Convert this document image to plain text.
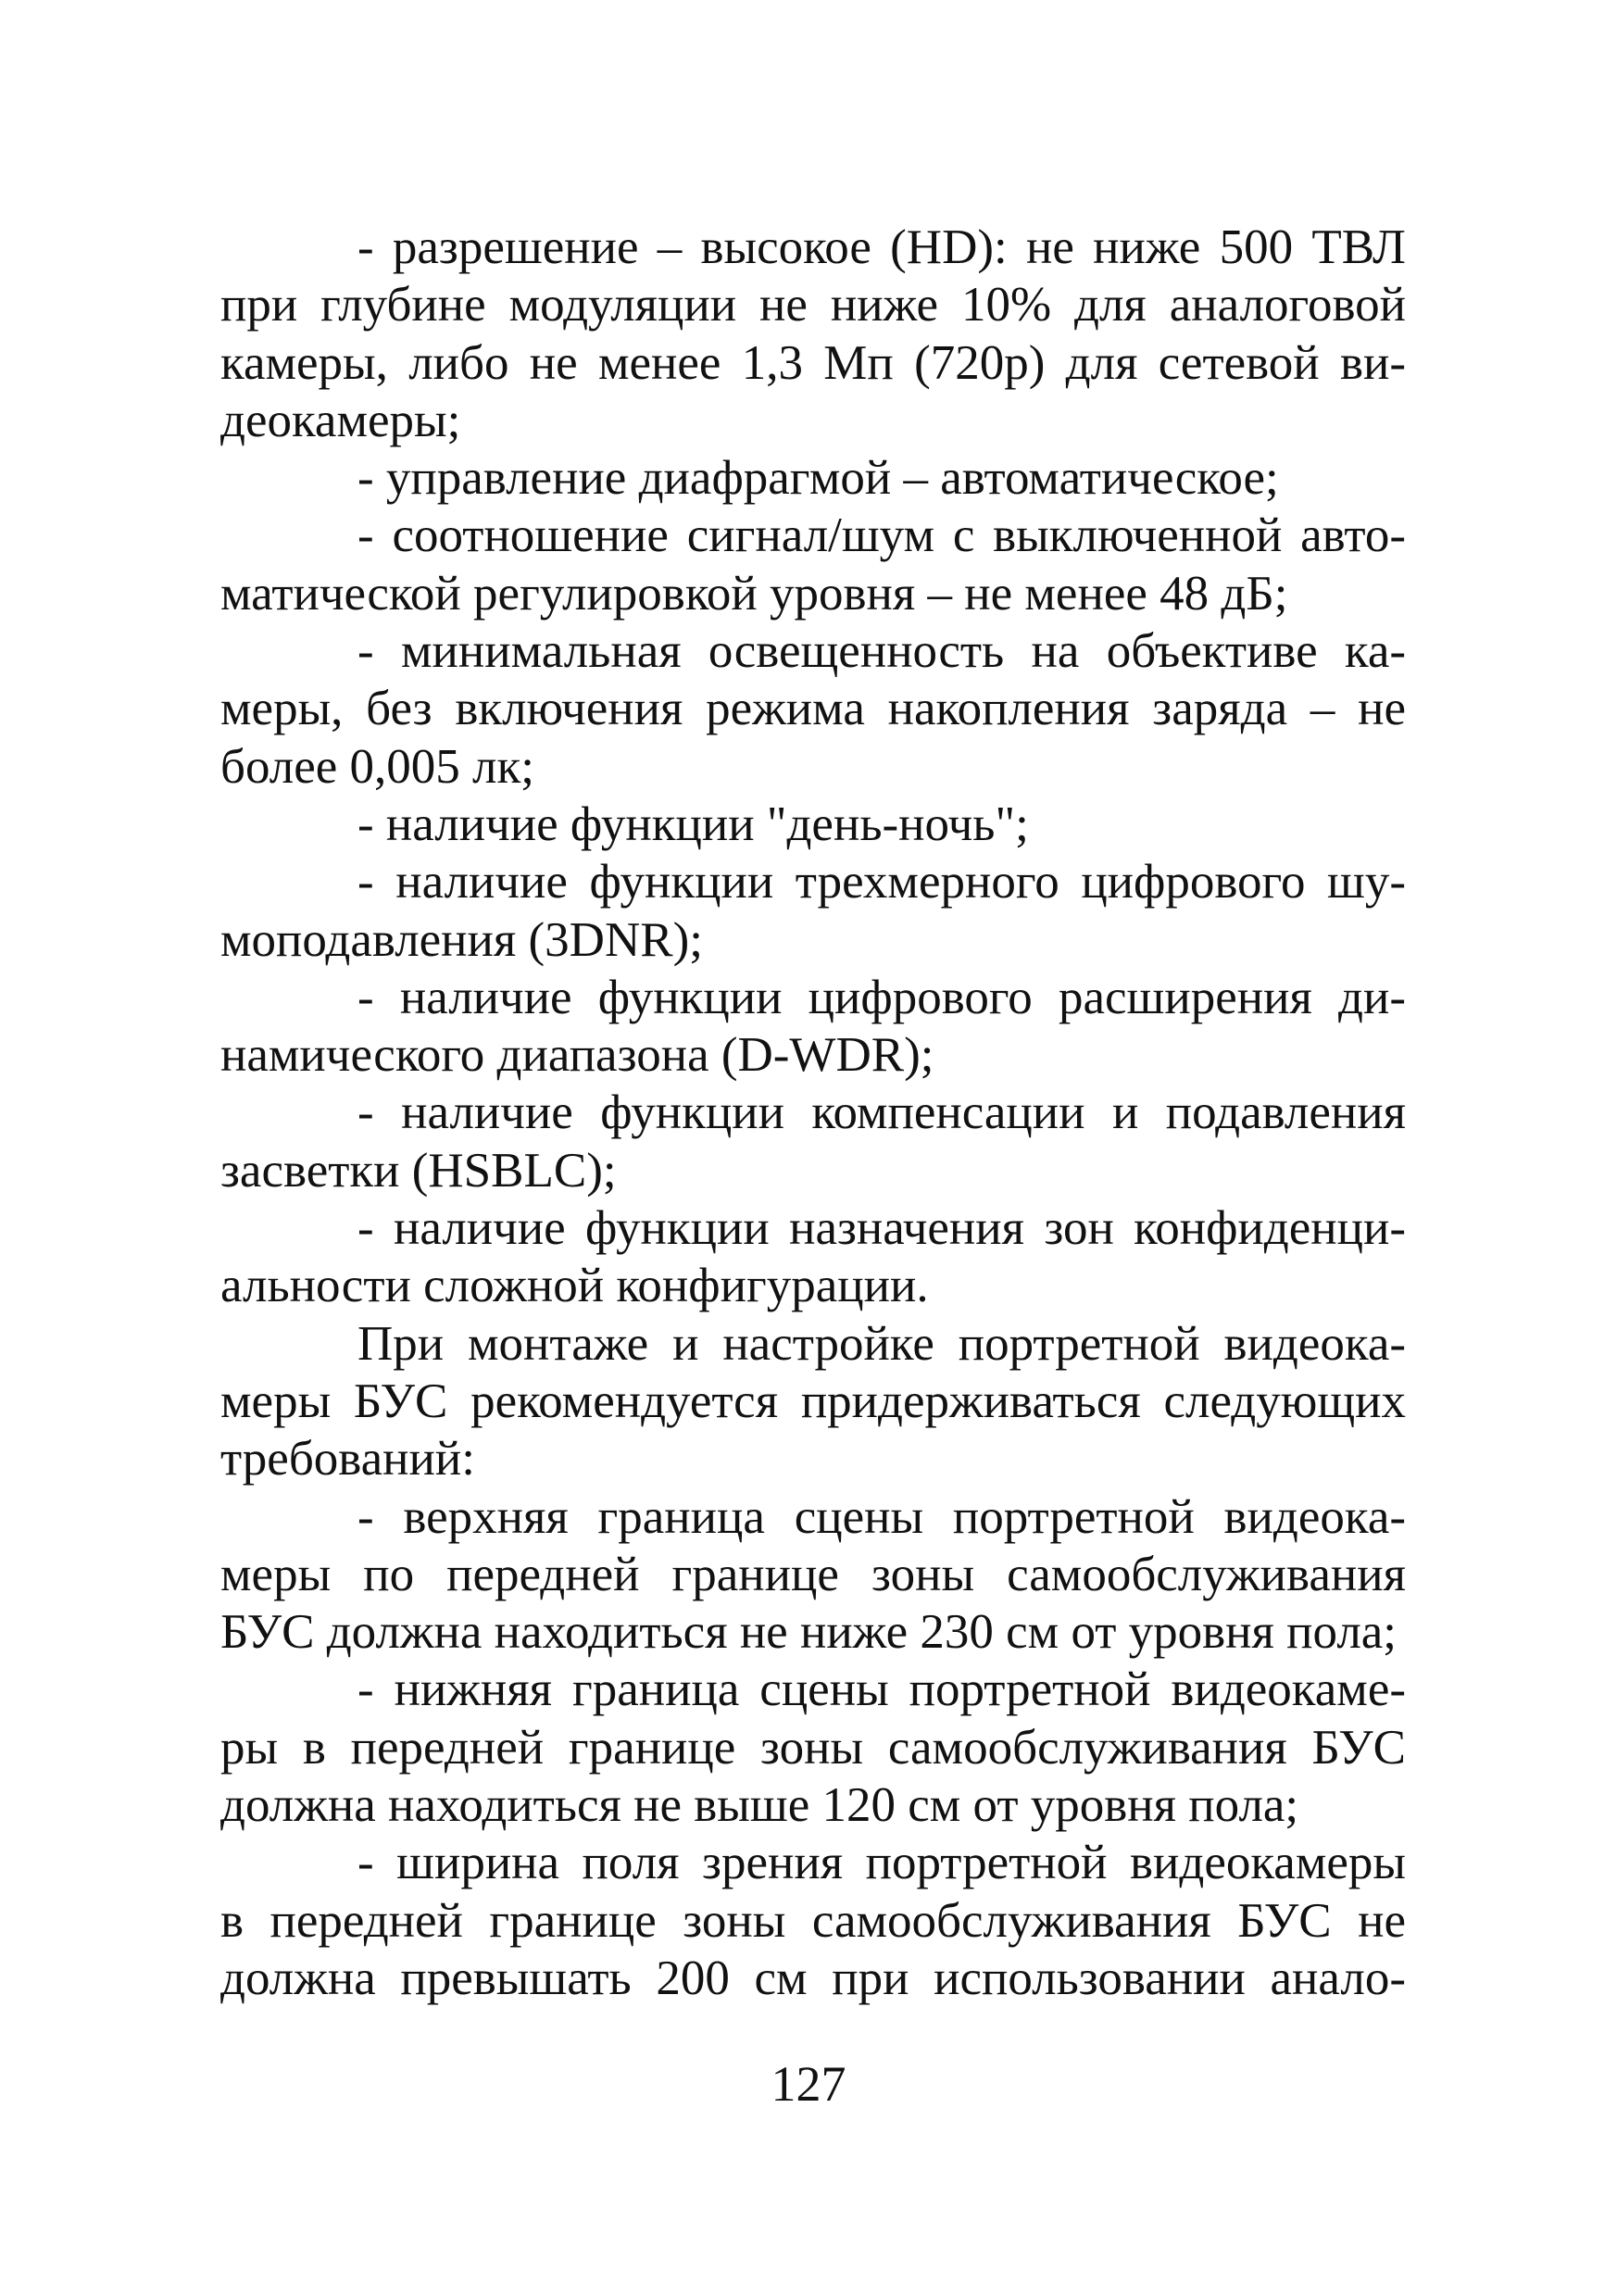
- разрешение – высокое (HD): не ниже 500 ТВЛ
при глубине модуляции не ниже 10% для аналоговой
камеры, либо не менее 1,3 Мп (720р) для сетевой ви-
деокамеры;
- управление диафрагмой – автоматическое;
- соотношение сигнал/шум с выключенной авто-
матической регулировкой уровня – не менее 48 дБ;
- минимальная освещенность на объективе ка-
меры, без включения режима накопления заряда – не
более 0,005 лк;
- наличие функции "день-ночь";
- наличие функции трехмерного цифрового шу-
моподавления (3DNR);
- наличие функции цифрового расширения ди-
намического диапазона (D-WDR);
- наличие функции компенсации и подавления
засветки (HSBLC);
- наличие функции назначения зон конфиденци-
альности сложной конфигурации.
При монтаже и настройке портретной видеока-
меры БУС рекомендуется придерживаться следующих
требований:
- верхняя граница сцены портретной видеока-
меры по передней границе зоны самообслуживания
БУС должна находиться не ниже 230 см от уровня пола;
- нижняя граница сцены портретной видеокаме-
ры в передней границе зоны самообслуживания БУС
должна находиться не выше 120 см от уровня пола;
- ширина поля зрения портретной видеокамеры
в передней границе зоны самообслуживания БУС не
должна превышать 200 см при использовании анало-
127
